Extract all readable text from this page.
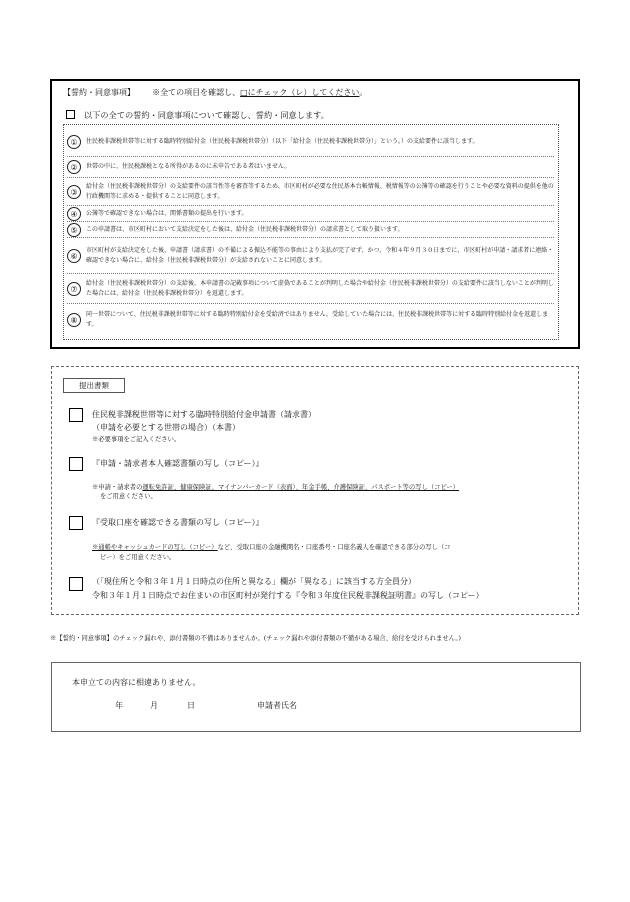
【誓約・同意事項】 ※全ての項目を確認し、□にチェック（レ）してください。
以下の全ての誓約・同意事項について確認し、誓約・同意します。
①	住民税非課税世帯等に対する臨時特別給付金（住民税非課税世帯分）（以下「給付金（住民税非課税世帯分）」という。）の支給要件に該当します。
②	世帯の中に、住民税課税となる所得があるのに未申告である者はいません。
③
給付金（住民税非課税世帯分）の支給要件の該当性等を審査等するため、市区町村が必要な住民基本台帳情報、税情報等の公簿等の確認を行うことや必要な資料の提供を他の行政機関等に求める・提供することに同意します。
④	公簿等で確認できない場合は、関係書類の提出を行います。
⑤	この申請書は、市区町村において支給決定をした後は、給付金（住民税非課税世帯分）の請求書として取り扱います。
⑥
市区町村が支給決定をした後、申請書（請求書）の不備による振込不能等の事由により支払が完了せず、かつ、令和４年９月３０日までに、市区町村が申請・請求者に連絡・確認できない場合に、給付金（住民税非課税世帯分）が支給されないことに同意します。
⑦
給付金（住民税非課税世帯分）の支給後、本申請書の記載事項について虚偽であることが判明した場合や給付金（住民税非課税世帯分）の支給要件に該当しないことが判明した場合には、給付金（住民税非課税世帯分）を返還します。
⑧
同一世帯について、住民税非課税世帯等に対する臨時特別給付金を受給済ではありません。受給していた場合には、住民税非課税世帯等に対する臨時特別給付金を返還します。
提出書類
住民税非課税世帯等に対する臨時特別給付金申請書（請求書）
（申請を必要とする世帯の場合）（本書）
※必要事項をご記入ください。
『申請・請求者本人確認書類の写し（コピー）』
※申請・請求者の運転免許証、健康保険証、マイナンバーカード（表面）、年金手帳、介護保険証、パスポート等の写し（コピー）
をご用意ください。
『受取口座を確認できる書類の写し（コピー）』
※通帳やキャッシュカードの写し（コピー）など、受取口座の金融機関名・口座番号・口座名義人を確認できる部分の写し（コ
ピー）をご用意ください。
（「現住所と令和３年１月１日時点の住所と異なる」欄が「異なる」に該当する方全員分）
令和３年１月１日時点でお住まいの市区町村が発行する『令和３年度住民税非課税証明書』の写し（コピー）
※【誓約・同意事項】のチェック漏れや、添付書類の不備はありませんか。(チェック漏れや添付書類の不備がある場合、給付を受けられません。)
本申立ての内容に相違ありません。
年	月	日	申請者氏名
